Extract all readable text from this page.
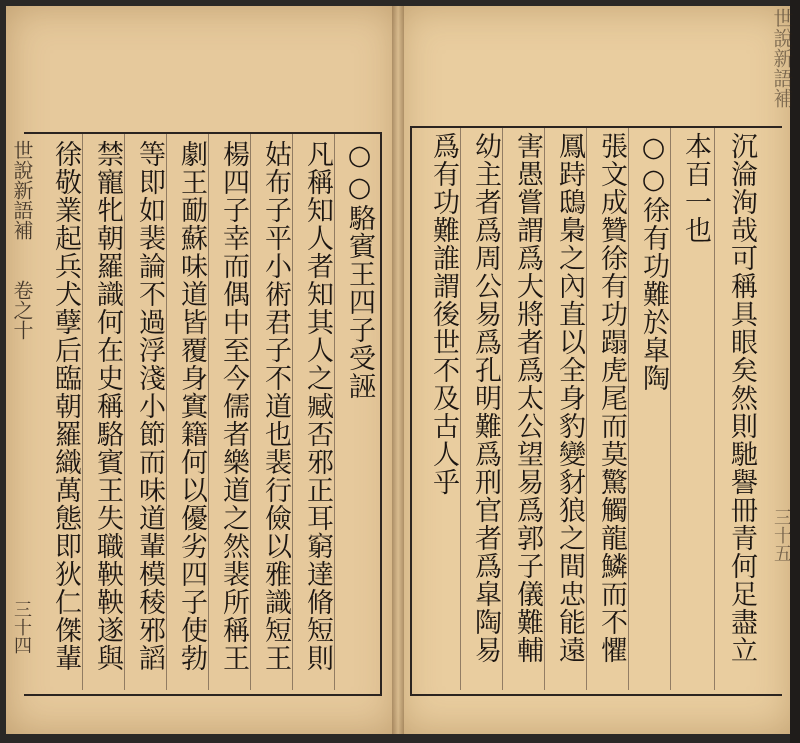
世說新語補
三十五
沉淪洵哉可稱具眼矣然則馳譽冊青何足盡立
本百一也
○○徐有功難於皐陶
張文成贊徐有功蹋虎尾而莫驚觸龍鱗而不懼
鳳跱鴟梟之內直以全身豹變豺狼之間忠能遠
害愚嘗謂爲大將者爲太公望易爲郭子儀難輔
幼主者爲周公易爲孔明難爲刑官者爲皐陶易
爲有功難誰謂後世不及古人乎
世說新語補
卷之十
三十四
○○駱賓王四子受誣
凡稱知人者知其人之臧否邪正耳窮達脩短則
姑布子平小術君子不道也裴行儉以雅識短王
楊四子幸而偶中至今儒者樂道之然裴所稱王
劇王勔蘇味道皆覆身窴籍何以優劣四子使勃
等即如裴論不過浮淺小節而味道輩模稜邪謟
禁寵牝朝羅識何在史稱駱賓王失職鞅鞅遂與
徐敬業起兵犬孽后臨朝羅織萬態即狄仁傑輩
